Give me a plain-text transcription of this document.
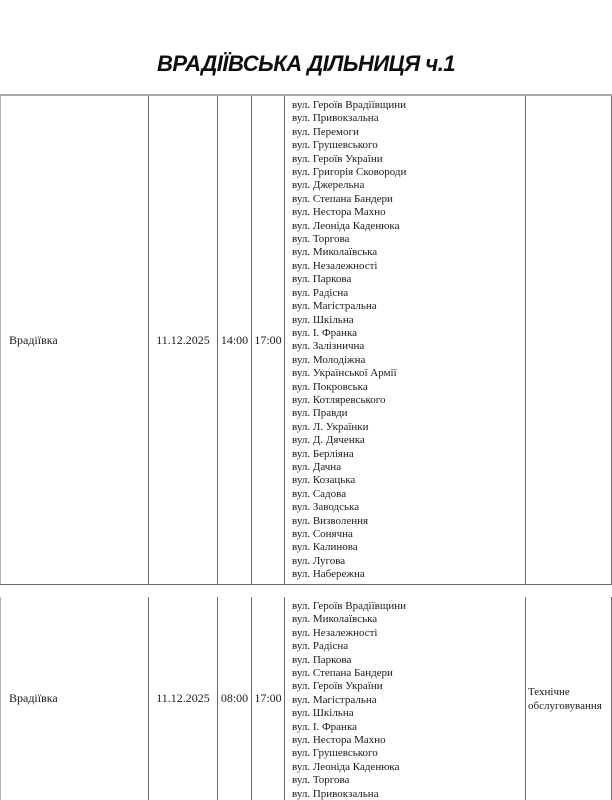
ВРАДІЇВСЬКА ДІЛЬНИЦЯ ч.1
Врадіївка	11.12.2025 14:00 17:00
вул. Героїв Врадіївщини
вул. Привокзальна
вул. Перемоги
вул. Грушевського
вул. Героїв України
вул. Григорія Сковороди
вул. Джерельна
вул. Степана Бандери
вул. Нестора Махно
вул. Леоніда Каденюка
вул. Торгова
вул. Миколаївська
вул. Незалежності
вул. Паркова
вул. Радісна
вул. Магістральна
вул. Шкільна
вул. І. Франка
вул. Залізнична
вул. Молодіжна
вул. Української Армії
вул. Покровська
вул. Котляревського
вул. Правди
вул. Л. Українки
вул. Д. Дяченка
вул. Берліяна
вул. Дачна
вул. Козацька
вул. Садова
вул. Заводська
вул. Визволення
вул. Сонячна
вул. Калинова
вул. Лугова
вул. Набережна
Врадіївка	11.12.2025 08:00 17:00
вул. Героїв Врадіївщини
вул. Миколаївська
вул. Незалежності
вул. Радісна
вул. Паркова
вул. Степана Бандери
вул. Героїв України
вул. Магістральна
вул. Шкільна
вул. І. Франка
вул. Нестора Махно
вул. Грушевського
вул. Леоніда Каденюка
вул. Торгова
вул. Привокзальна
Технічне обслуговування
